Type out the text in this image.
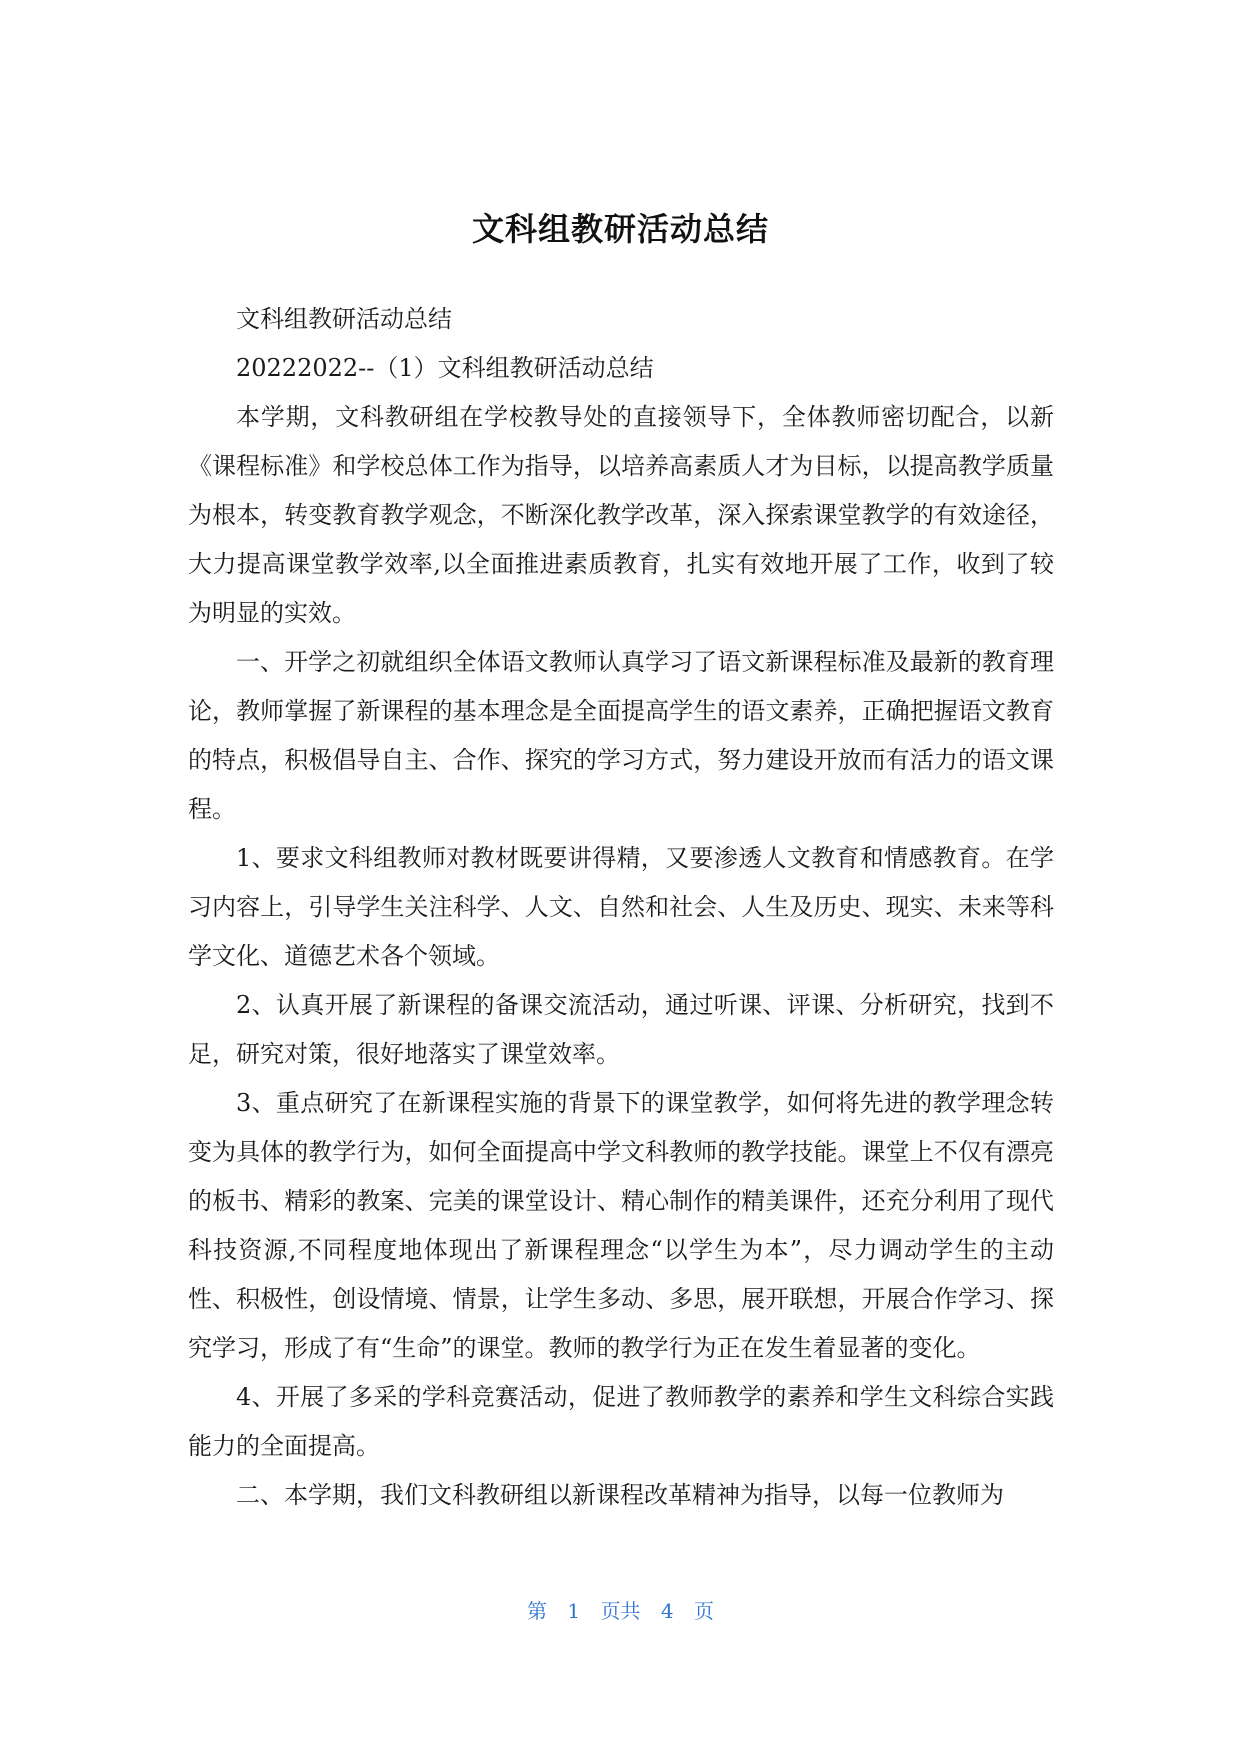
文科组教研活动总结

文科组教研活动总结

20222022--（1）文科组教研活动总结

本学期，文科教研组在学校教导处的直接领导下，全体教师密切配合，以新《课程标准》和学校总体工作为指导，以培养高素质人才为目标，以提高教学质量为根本，转变教育教学观念，不断深化教学改革，深入探索课堂教学的有效途径，大力提高课堂教学效率,以全面推进素质教育，扎实有效地开展了工作，收到了较为明显的实效。

一、开学之初就组织全体语文教师认真学习了语文新课程标准及最新的教育理论，教师掌握了新课程的基本理念是全面提高学生的语文素养，正确把握语文教育的特点，积极倡导自主、合作、探究的学习方式，努力建设开放而有活力的语文课程。

1、要求文科组教师对教材既要讲得精，又要渗透人文教育和情感教育。在学习内容上，引导学生关注科学、人文、自然和社会、人生及历史、现实、未来等科学文化、道德艺术各个领域。

2、认真开展了新课程的备课交流活动，通过听课、评课、分析研究，找到不足，研究对策，很好地落实了课堂效率。

3、重点研究了在新课程实施的背景下的课堂教学，如何将先进的教学理念转变为具体的教学行为，如何全面提高中学文科教师的教学技能。课堂上不仅有漂亮的板书、精彩的教案、完美的课堂设计、精心制作的精美课件，还充分利用了现代科技资源,不同程度地体现出了新课程理念“以学生为本”，尽力调动学生的主动性、积极性，创设情境、情景，让学生多动、多思，展开联想，开展合作学习、探究学习，形成了有“生命”的课堂。教师的教学行为正在发生着显著的变化。

4、开展了多采的学科竞赛活动，促进了教师教学的素养和学生文科综合实践能力的全面提高。

二、本学期，我们文科教研组以新课程改革精神为指导，以每一位教师为

第 1 页共 4 页
